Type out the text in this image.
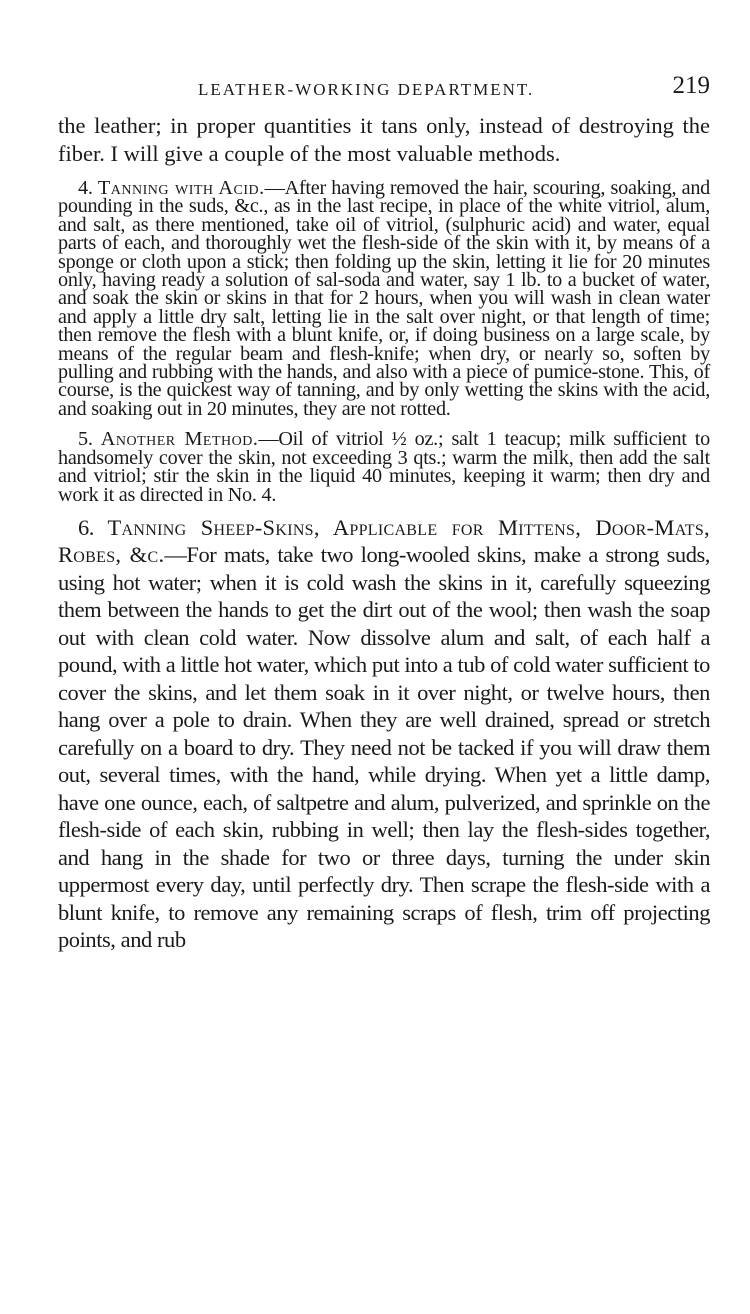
LEATHER-WORKING DEPARTMENT.	219

the leather; in proper quantities it tans only, instead of destroying the fiber. I will give a couple of the most valuable methods.

4. Tanning with Acid.—After having removed the hair, scouring, soaking, and pounding in the suds, &c., as in the last recipe, in place of the white vitriol, alum, and salt, as there mentioned, take oil of vitriol, (sulphuric acid) and water, equal parts of each, and thoroughly wet the flesh-side of the skin with it, by means of a sponge or cloth upon a stick; then folding up the skin, letting it lie for 20 minutes only, having ready a solution of sal-soda and water, say 1 lb. to a bucket of water, and soak the skin or skins in that for 2 hours, when you will wash in clean water and apply a little dry salt, letting lie in the salt over night, or that length of time; then remove the flesh with a blunt knife, or, if doing business on a large scale, by means of the regular beam and flesh-knife; when dry, or nearly so, soften by pulling and rubbing with the hands, and also with a piece of pumice-stone. This, of course, is the quickest way of tanning, and by only wetting the skins with the acid, and soaking out in 20 minutes, they are not rotted.

5. Another Method.—Oil of vitriol ½ oz.; salt 1 teacup; milk sufficient to handsomely cover the skin, not exceeding 3 qts.; warm the milk, then add the salt and vitriol; stir the skin in the liquid 40 minutes, keeping it warm; then dry and work it as directed in No. 4.

6. Tanning Sheep-Skins, Applicable for Mittens, Door-Mats, Robes, &c.—For mats, take two long-wooled skins, make a strong suds, using hot water; when it is cold wash the skins in it, carefully squeezing them between the hands to get the dirt out of the wool; then wash the soap out with clean cold water. Now dissolve alum and salt, of each half a pound, with a little hot water, which put into a tub of cold water sufficient to cover the skins, and let them soak in it over night, or twelve hours, then hang over a pole to drain. When they are well drained, spread or stretch carefully on a board to dry. They need not be tacked if you will draw them out, several times, with the hand, while drying. When yet a little damp, have one ounce, each, of saltpetre and alum, pulverized, and sprinkle on the flesh-side of each skin, rubbing in well; then lay the flesh-sides together, and hang in the shade for two or three days, turning the under skin uppermost every day, until perfectly dry. Then scrape the flesh-side with a blunt knife, to remove any remaining scraps of flesh, trim off projecting points, and rub
